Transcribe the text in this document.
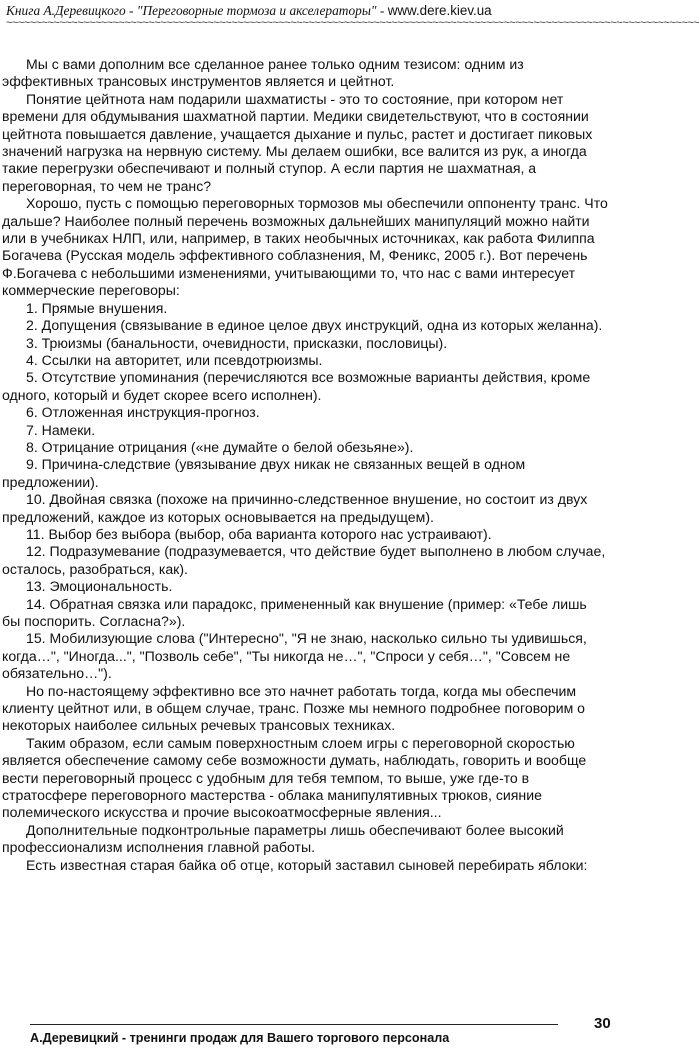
Книга А.Деревицкого - "Переговорные тормоза и акселераторы" - www.dere.kiev.ua
~~~~~~~~~~~~~~~~~~~~~~~~~~~~~~~~~~~~~~~~~~~~~~~~~~~~~~~~~~~~~~~~~~~~~~~~~~~~~~~~~~~~~~~~~~~~~~~~~~~~~~~~~~~~~~~~~~~~~

Мы с вами дополним все сделанное ранее только одним тезисом: одним из эффективных трансовых инструментов является и цейтнот.

Понятие цейтнота нам подарили шахматисты - это то состояние, при котором нет времени для обдумывания шахматной партии. Медики свидетельствуют, что в состоянии цейтнота повышается давление, учащается дыхание и пульс, растет и достигает пиковых значений нагрузка на нервную систему. Мы делаем ошибки, все валится из рук, а иногда такие перегрузки обеспечивают и полный ступор. А если партия не шахматная, а переговорная, то чем не транс?

Хорошо, пусть с помощью переговорных тормозов мы обеспечили оппоненту транс. Что дальше? Наиболее полный перечень возможных дальнейших манипуляций можно найти или в учебниках НЛП, или, например, в таких необычных источниках, как работа Филиппа Богачева (Русская модель эффективного соблазнения, М, Феникс, 2005 г.). Вот перечень Ф.Богачева с небольшими изменениями, учитывающими то, что нас с вами интересует коммерческие переговоры:

1. Прямые внушения.

2. Допущения (связывание в единое целое двух инструкций, одна из которых желанна).

3. Трюизмы (банальности, очевидности, присказки, пословицы).

4. Ссылки на авторитет, или псевдотрюизмы.

5. Отсутствие упоминания (перечисляются все возможные варианты действия, кроме одного, который и будет скорее всего исполнен).

6. Отложенная инструкция-прогноз.

7. Намеки.

8. Отрицание отрицания («не думайте о белой обезьяне»).

9. Причина-следствие (увязывание двух никак не связанных вещей в одном предложении).

10. Двойная связка (похоже на причинно-следственное внушение, но состоит из двух предложений, каждое из которых основывается на предыдущем).

11. Выбор без выбора (выбор, оба варианта которого нас устраивают).

12. Подразумевание (подразумевается, что действие будет выполнено в любом случае, осталось, разобраться, как).

13. Эмоциональность.

14. Обратная связка или парадокс, примененный как внушение (пример: «Тебе лишь бы поспорить. Согласна?»).

15. Мобилизующие слова ("Интересно", "Я не знаю, насколько сильно ты удивишься, когда…", "Иногда...", "Позволь себе", "Ты никогда не…", "Спроси у себя…", "Совсем не обязательно…").

Но по-настоящему эффективно все это начнет работать тогда, когда мы обеспечим клиенту цейтнот или, в общем случае, транс. Позже мы немного подробнее поговорим о некоторых наиболее сильных речевых трансовых техниках.

Таким образом, если самым поверхностным слоем игры с переговорной скоростью является обеспечение самому себе возможности думать, наблюдать, говорить и вообще вести переговорный процесс с удобным для тебя темпом, то выше, уже где-то в стратосфере переговорного мастерства - облака манипулятивных трюков, сияние полемического искусства и прочие высокоатмосферные явления...

Дополнительные подконтрольные параметры лишь обеспечивают более высокий профессионализм исполнения главной работы.

Есть известная старая байка об отце, который заставил сыновей перебирать яблоки:

30
А.Деревицкий - тренинги продаж для Вашего торгового персонала
